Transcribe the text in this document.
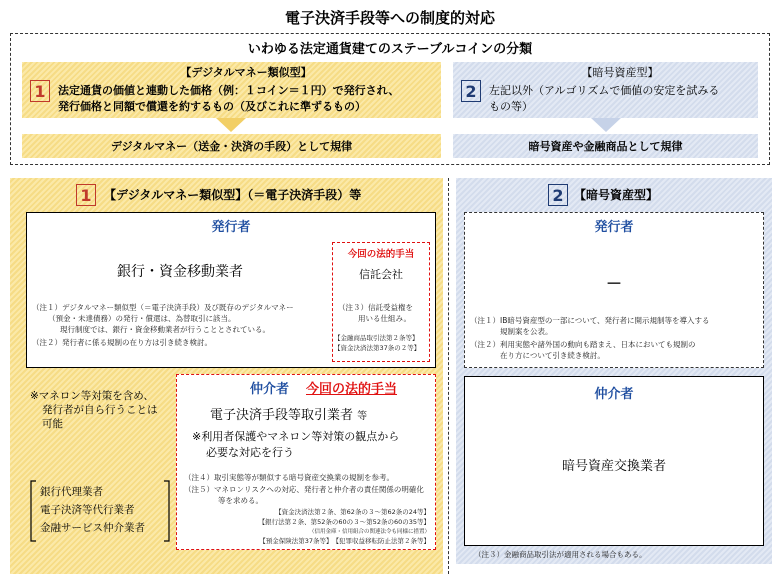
電子決済手段等への制度的対応
いわゆる法定通貨建てのステーブルコインの分類
1
【デジタルマネー類似型】
法定通貨の価値と連動した価格（例：１コイン＝１円）で発行され、
発行価格と同額で償還を約するもの（及びこれに準ずるもの）
2
【暗号資産型】
左記以外（アルゴリズムで価値の安定を試みる
もの等）
デジタルマネー（送金・決済の手段）として規律	暗号資産や金融商品として規律
1	【デジタルマネー類似型】（＝電子決済手段）等
発行者
銀行・資金移動業者
（注１）デジタルマネー類似型（＝電子決済手段）及び既存のデジタルマネー
（預金・未達債務）の発行・償還は、為替取引に該当。
現行制度では、銀行・資金移動業者が行うこととされている。
（注２）発行者に係る規制の在り方は引き続き検討。
今回の法的手当
信託会社
（注３）信託受益権を
用いる仕組み。
【金融商品取引法第２条等】
【資金決済法第37条の２等】
※マネロン等対策を含め、
発行者が自ら行うことは
可能
銀行代理業者
電子決済等代行業者
金融サービス仲介業者
仲介者	今回の法的手当
電子決済手段等取引業者 等
※利用者保護やマネロン等対策の観点から
必要な対応を行う
（注４）取引実態等が類似する暗号資産交換業の規制を参考。
（注５）マネロンリスクへの対応、発行者と仲介者の責任関係の明確化
等を求める。
【資金決済法第２条、第62条の３～第62条の24等】
【銀行法第２条、第52条の60の３～第52条の60の35等】
（信用金庫・信用組合の関連法令も同様に措置）
【預金保険法第37条等】　【犯罪収益移転防止法第２条等】
2 【暗号資産型】
発行者
－
（注１）IB暗号資産型の一部について、発行者に開示規制等を導入する
規制案を公表。
（注２）利用実態や諸外国の動向も踏まえ、日本においても規制の
在り方について引き続き検討。
仲介者
暗号資産交換業者
（注３）金融商品取引法が適用される場合もある。
